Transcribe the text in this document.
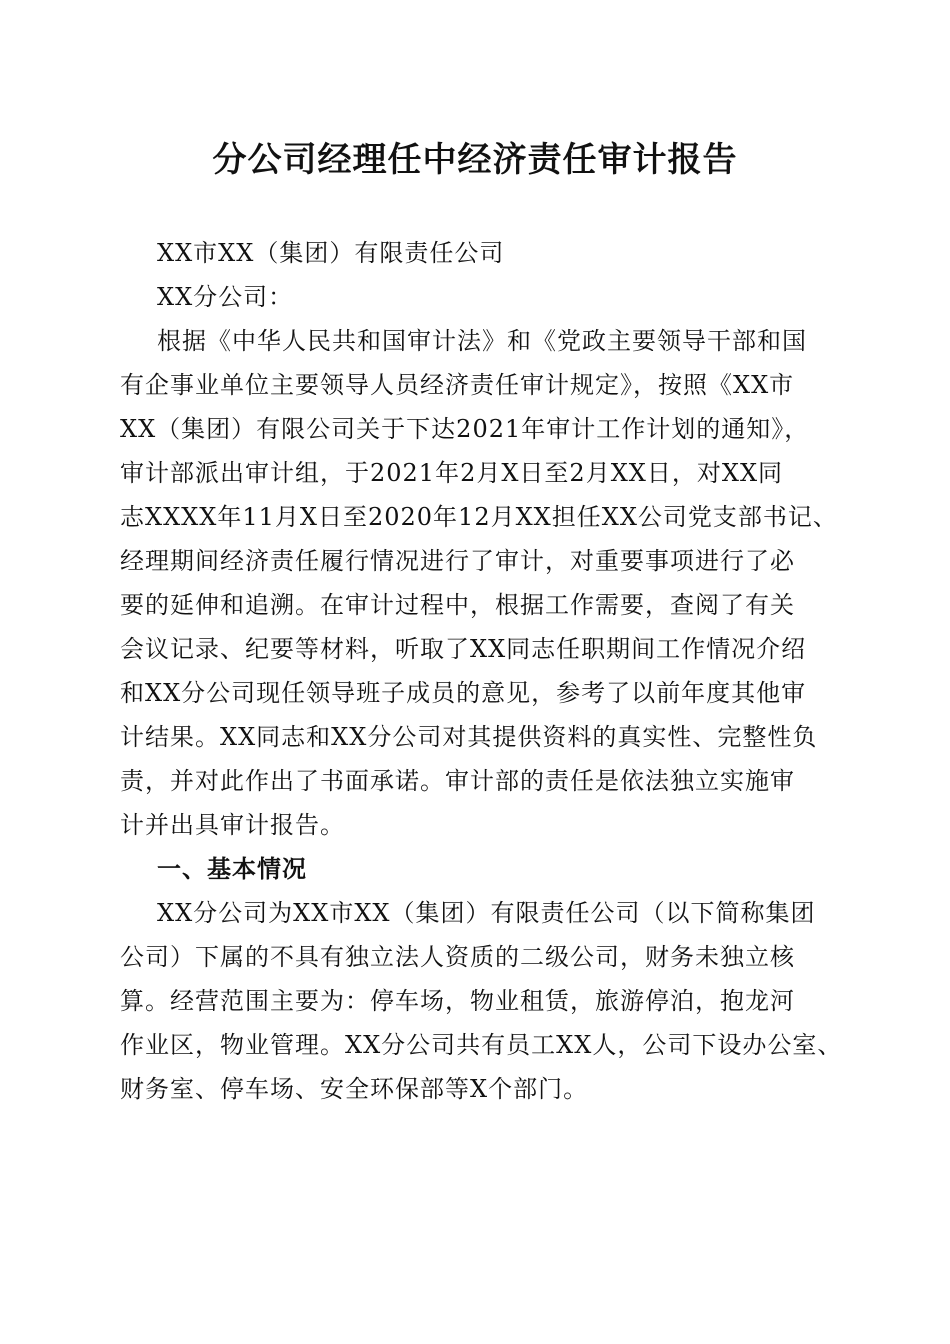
分公司经理任中经济责任审计报告
XX市XX（集团）有限责任公司
XX分公司：
根据《中华人民共和国审计法》和《党政主要领导干部和国
有企事业单位主要领导人员经济责任审计规定》，按照《XX市
XX（集团）有限公司关于下达2021年审计工作计划的通知》，
审计部派出审计组，于2021年2月X日至2月XX日，对XX同
志XXXX年11月X日至2020年12月XX担任XX公司党支部书记、
经理期间经济责任履行情况进行了审计，对重要事项进行了必
要的延伸和追溯。在审计过程中，根据工作需要，查阅了有关
会议记录、纪要等材料，听取了XX同志任职期间工作情况介绍
和XX分公司现任领导班子成员的意见，参考了以前年度其他审
计结果。XX同志和XX分公司对其提供资料的真实性、完整性负
责，并对此作出了书面承诺。审计部的责任是依法独立实施审
计并出具审计报告。
一、基本情况
XX分公司为XX市XX（集团）有限责任公司（以下简称集团
公司）下属的不具有独立法人资质的二级公司，财务未独立核
算。经营范围主要为：停车场，物业租赁，旅游停泊，抱龙河
作业区，物业管理。XX分公司共有员工XX人，公司下设办公室、
财务室、停车场、安全环保部等X个部门。
